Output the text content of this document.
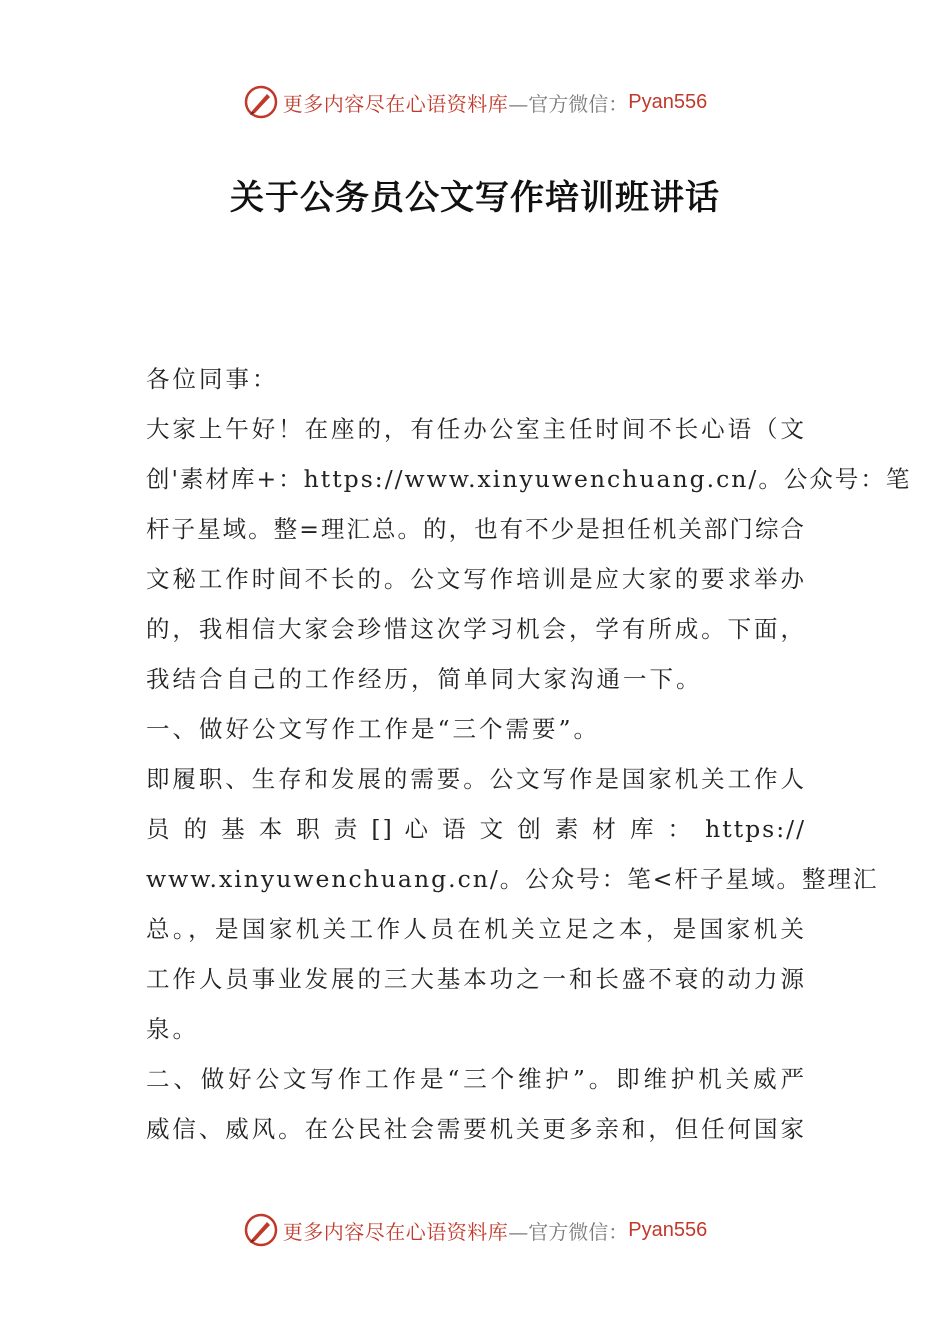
更多内容尽在心语资料库 —官方微信： Pyan556
关于公务员公文写作培训班讲话
各位同事：
大家上午好！在座的，有任办公室主任时间不长心语（文
创'素材库+：https://www.xinyuwenchuang.cn/。公众号：笔
杆子星域。整=理汇总。的，也有不少是担任机关部门综合
文秘工作时间不长的。公文写作培训是应大家的要求举办
的，我相信大家会珍惜这次学习机会，学有所成。下面，
我结合自己的工作经历，简单同大家沟通一下。
一、做好公文写作工作是“三个需要”。
即履职、生存和发展的需要。公文写作是国家机关工作人
员 的 基 本 职 责 [] 心 语 文 创 素 材 库 ： https://
www.xinyuwenchuang.cn/。公众号：笔<杆子星域。整理汇
总。，是国家机关工作人员在机关立足之本，是国家机关
工作人员事业发展的三大基本功之一和长盛不衰的动力源
泉。
二、做好公文写作工作是“三个维护”。即维护机关威严
威信、威风。在公民社会需要机关更多亲和，但任何国家
更多内容尽在心语资料库 —官方微信： Pyan556
